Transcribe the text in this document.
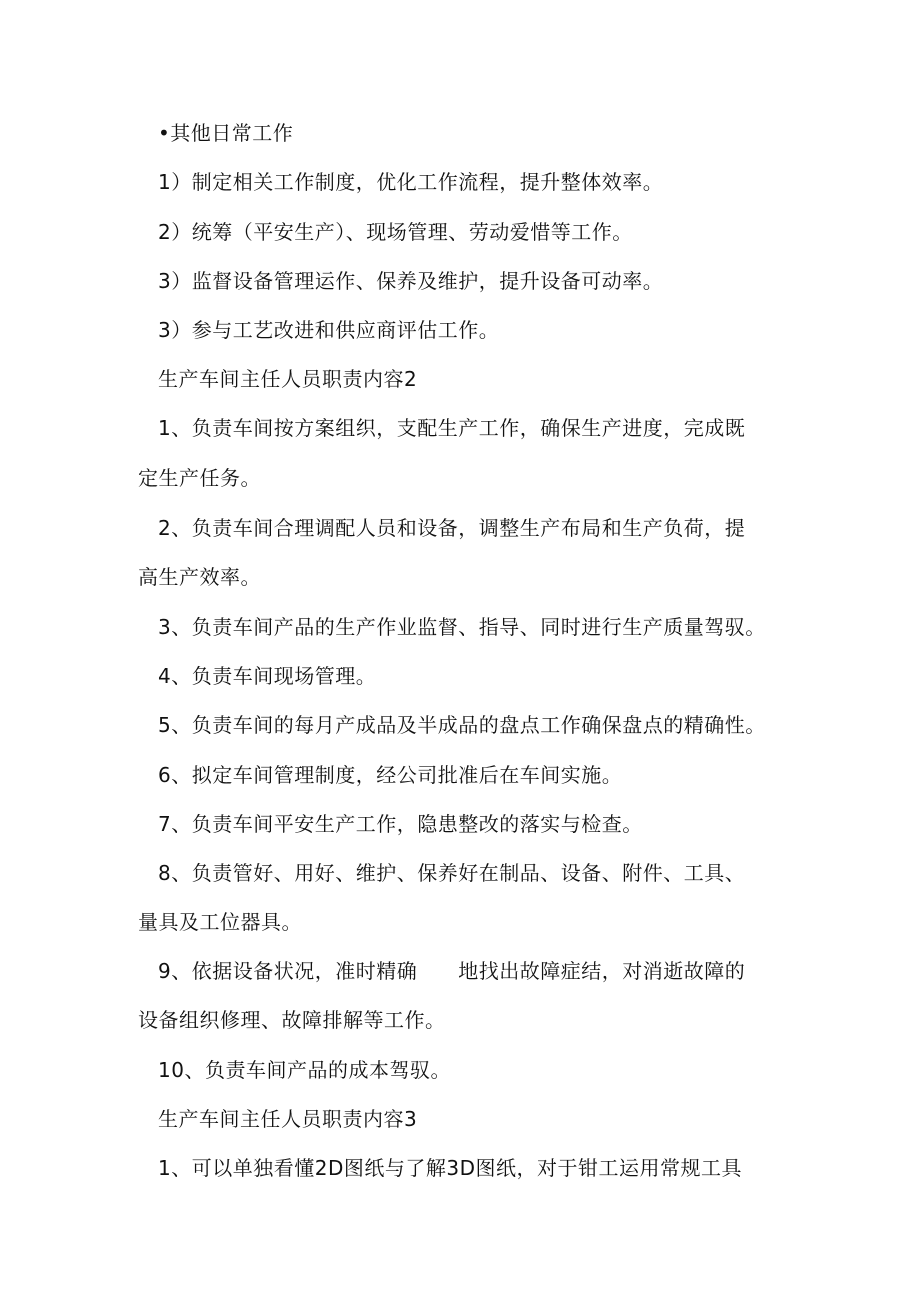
•其他日常工作
1）制定相关工作制度，优化工作流程，提升整体效率。
2）统筹（平安生产）、现场管理、劳动爱惜等工作。
3）监督设备管理运作、保养及维护，提升设备可动率。
3）参与工艺改进和供应商评估工作。
生产车间主任人员职责内容2
1、负责车间按方案组织，支配生产工作，确保生产进度，完成既
定生产任务。
2、负责车间合理调配人员和设备，调整生产布局和生产负荷，提
高生产效率。
3、负责车间产品的生产作业监督、指导、同时进行生产质量驾驭。
4、负责车间现场管理。
5、负责车间的每月产成品及半成品的盘点工作确保盘点的精确性。
6、拟定车间管理制度，经公司批准后在车间实施。
7、负责车间平安生产工作，隐患整改的落实与检查。
8、负责管好、用好、维护、保养好在制品、设备、附件、工具、
量具及工位器具。
9、依据设备状况，准时精确　　地找出故障症结，对消逝故障的
设备组织修理、故障排解等工作。
10、负责车间产品的成本驾驭。
生产车间主任人员职责内容3
1、可以单独看懂2D图纸与了解3D图纸，对于钳工运用常规工具
